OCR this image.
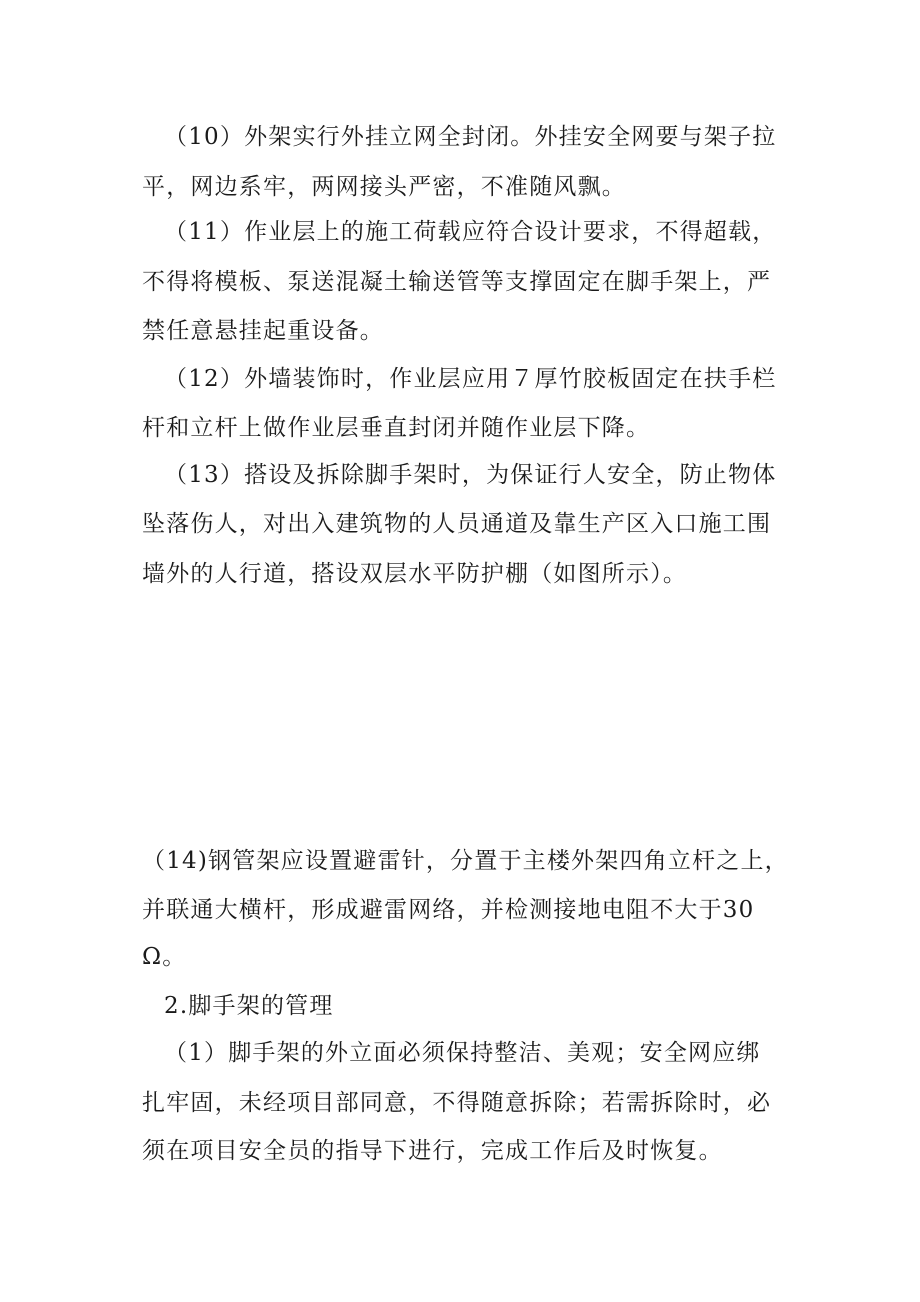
（10）外架实行外挂立网全封闭。外挂安全网要与架子拉
平，网边系牢，两网接头严密，不准随风飘。
（11）作业层上的施工荷载应符合设计要求，不得超载，
不得将模板、泵送混凝土输送管等支撑固定在脚手架上，严
禁任意悬挂起重设备。
（12）外墙装饰时，作业层应用７厚竹胶板固定在扶手栏
杆和立杆上做作业层垂直封闭并随作业层下降。
（13）搭设及拆除脚手架时，为保证行人安全，防止物体
坠落伤人，对出入建筑物的人员通道及靠生产区入口施工围
墙外的人行道，搭设双层水平防护棚（如图所示）。
（14)钢管架应设置避雷针，分置于主楼外架四角立杆之上，
并联通大横杆，形成避雷网络，并检测接地电阻不大于30
Ω。
2.脚手架的管理
（1）脚手架的外立面必须保持整洁、美观；安全网应绑
扎牢固，未经项目部同意，不得随意拆除；若需拆除时，必
须在项目安全员的指导下进行，完成工作后及时恢复。
